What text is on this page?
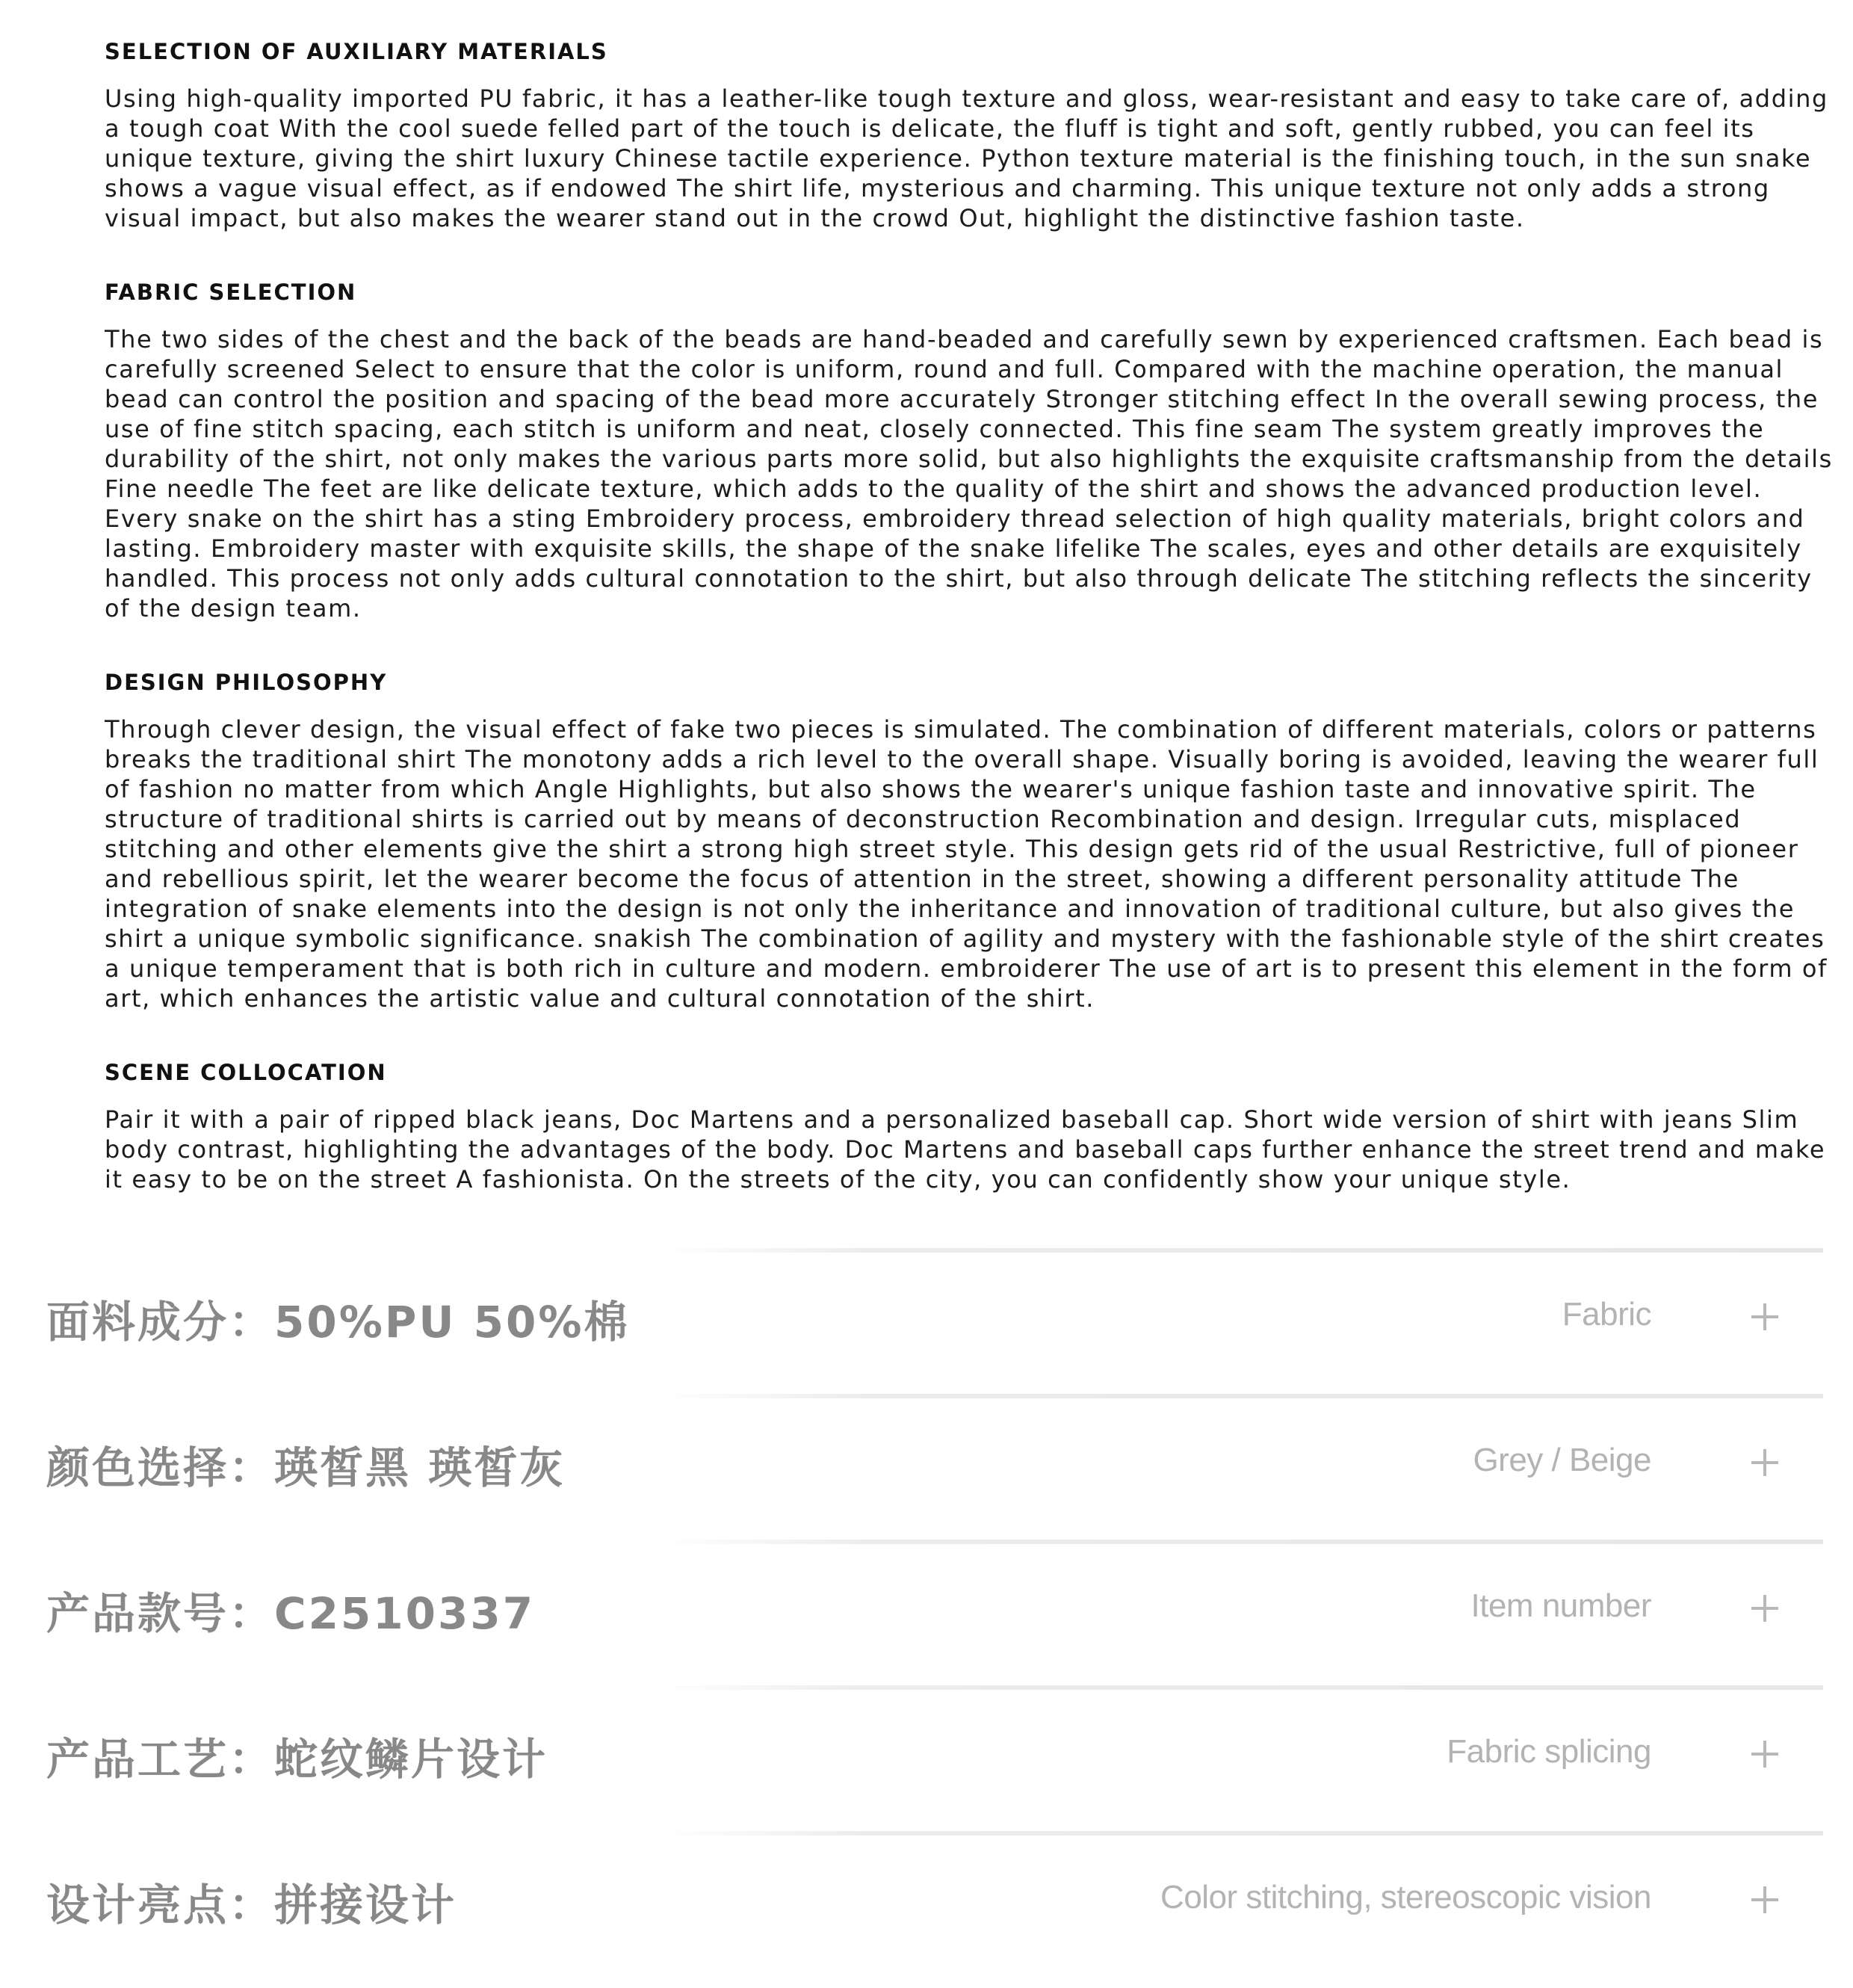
SELECTION OF AUXILIARY MATERIALS

Using high-quality imported PU fabric, it has a leather-like tough texture and gloss, wear-resistant and easy to take care of, adding a tough coat With the cool suede felled part of the touch is delicate, the fluff is tight and soft, gently rubbed, you can feel its unique texture, giving the shirt luxury Chinese tactile experience. Python texture material is the finishing touch, in the sun snake shows a vague visual effect, as if endowed The shirt life, mysterious and charming. This unique texture not only adds a strong visual impact, but also makes the wearer stand out in the crowd Out, highlight the distinctive fashion taste.

FABRIC SELECTION

The two sides of the chest and the back of the beads are hand-beaded and carefully sewn by experienced craftsmen. Each bead is carefully screened Select to ensure that the color is uniform, round and full. Compared with the machine operation, the manual bead can control the position and spacing of the bead more accurately Stronger stitching effect In the overall sewing process, the use of fine stitch spacing, each stitch is uniform and neat, closely connected. This fine seam The system greatly improves the durability of the shirt, not only makes the various parts more solid, but also highlights the exquisite craftsmanship from the details Fine needle The feet are like delicate texture, which adds to the quality of the shirt and shows the advanced production level. Every snake on the shirt has a sting Embroidery process, embroidery thread selection of high quality materials, bright colors and lasting. Embroidery master with exquisite skills, the shape of the snake lifelike The scales, eyes and other details are exquisitely handled. This process not only adds cultural connotation to the shirt, but also through delicate The stitching reflects the sincerity of the design team.

DESIGN PHILOSOPHY

Through clever design, the visual effect of fake two pieces is simulated. The combination of different materials, colors or patterns breaks the traditional shirt The monotony adds a rich level to the overall shape. Visually boring is avoided, leaving the wearer full of fashion no matter from which Angle Highlights, but also shows the wearer's unique fashion taste and innovative spirit. The structure of traditional shirts is carried out by means of deconstruction Recombination and design. Irregular cuts, misplaced stitching and other elements give the shirt a strong high street style. This design gets rid of the usual Restrictive, full of pioneer and rebellious spirit, let the wearer become the focus of attention in the street, showing a different personality attitude The integration of snake elements into the design is not only the inheritance and innovation of traditional culture, but also gives the shirt a unique symbolic significance. snakish The combination of agility and mystery with the fashionable style of the shirt creates a unique temperament that is both rich in culture and modern. embroiderer The use of art is to present this element in the form of art, which enhances the artistic value and cultural connotation of the shirt.

SCENE COLLOCATION

Pair it with a pair of ripped black jeans, Doc Martens and a personalized baseball cap. Short wide version of shirt with jeans Slim body contrast, highlighting the advantages of the body. Doc Martens and baseball caps further enhance the street trend and make it easy to be on the street A fashionista. On the streets of the city, you can confidently show your unique style.

面料成分：50%PU 50%棉	Fabric
颜色选择：瑛皙黑 瑛皙灰	Grey / Beige
产品款号：C2510337	Item number
产品工艺：蛇纹鳞片设计	Fabric splicing
设计亮点：拼接设计	Color stitching, stereoscopic vision
